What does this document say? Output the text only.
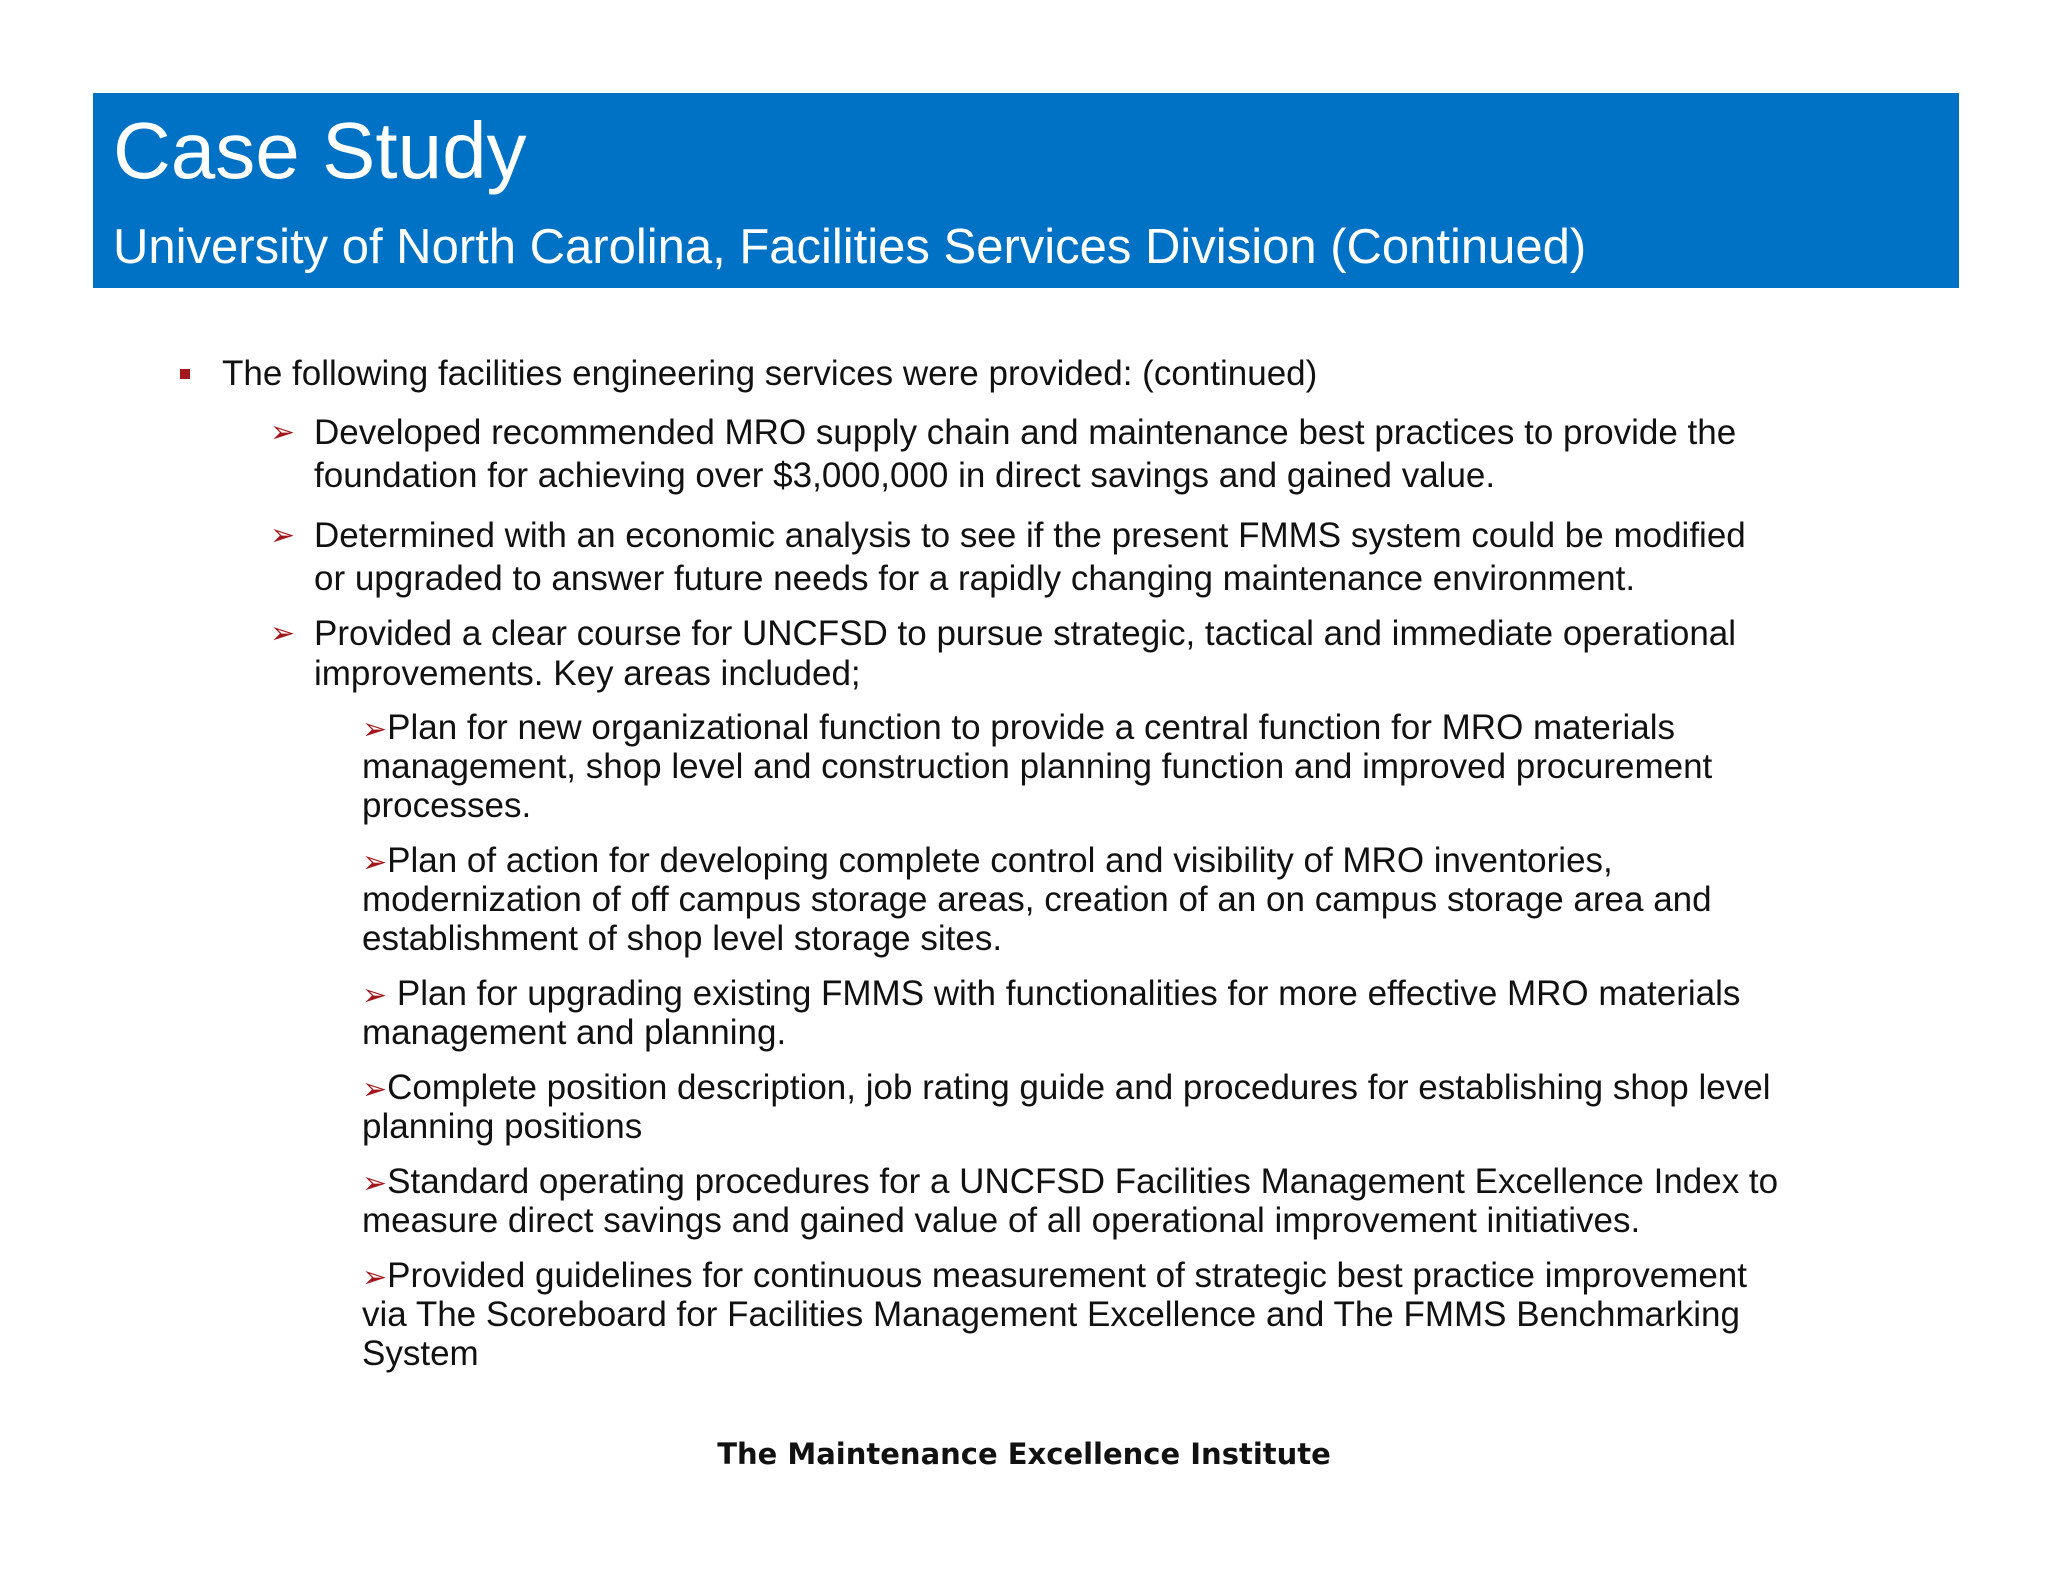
Case Study
University of North Carolina, Facilities Services Division (Continued)
The following facilities engineering services were provided: (continued)
➢ Developed recommended MRO supply chain and maintenance best practices to provide the
foundation for achieving over $3,000,000 in direct savings and gained value.
➢ Determined with an economic analysis to see if the present FMMS system could be modified
or upgraded to answer future needs for a rapidly changing maintenance environment.
➢ Provided a clear course for UNCFSD to pursue strategic, tactical and immediate operational
improvements. Key areas included;
➢Plan for new organizational function to provide a central function for MRO materials
management, shop level and construction planning function and improved procurement
processes.
➢Plan of action for developing complete control and visibility of MRO inventories,
modernization of off campus storage areas, creation of an on campus storage area and
establishment of shop level storage sites.
➢ Plan for upgrading existing FMMS with functionalities for more effective MRO materials
management and planning.
➢Complete position description, job rating guide and procedures for establishing shop level
planning positions
➢Standard operating procedures for a UNCFSD Facilities Management Excellence Index to
measure direct savings and gained value of all operational improvement initiatives.
➢Provided guidelines for continuous measurement of strategic best practice improvement
via The Scoreboard for Facilities Management Excellence and The FMMS Benchmarking
System
The Maintenance Excellence Institute
